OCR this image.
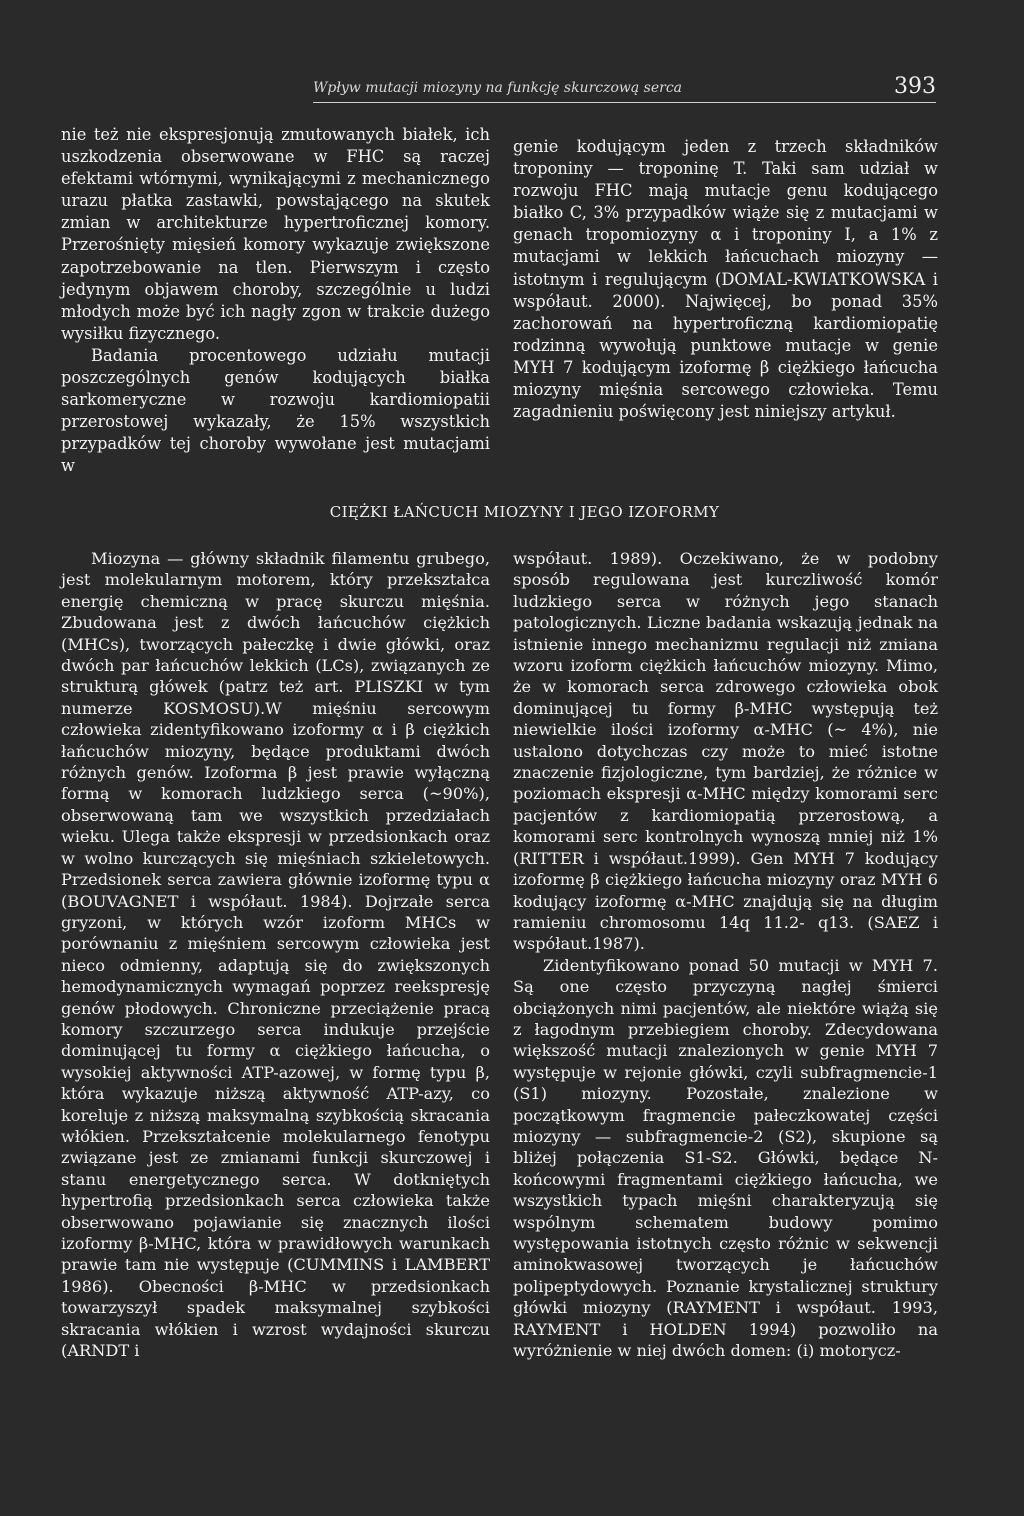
Wpływ mutacji miozyny na funkcję skurczową serca	393

nie też nie ekspresjonują zmutowanych białek, ich uszkodzenia obserwowane w FHC są raczej efektami wtórnymi, wynikającymi z mechanicznego urazu płatka zastawki, powstającego na skutek zmian w architekturze hypertroficznej komory. Przerośnięty mięsień komory wykazuje zwiększone zapotrzebowanie na tlen. Pierwszym i często jedynym objawem choroby, szczególnie u ludzi młodych może być ich nagły zgon w trakcie dużego wysiłku fizycznego.

Badania procentowego udziału mutacji poszczególnych genów kodujących białka sarkomeryczne w rozwoju kardiomiopatii przerostowej wykazały, że 15% wszystkich przypadków tej choroby wywołane jest mutacjami w

genie kodującym jeden z trzech składników troponiny — troponinę T. Taki sam udział w rozwoju FHC mają mutacje genu kodującego białko C, 3% przypadków wiąże się z mutacjami w genach tropomiozyny α i troponiny I, a 1% z mutacjami w lekkich łańcuchach miozyny — istotnym i regulującym (DOMAL-KWIATKOWSKA i współaut. 2000). Najwięcej, bo ponad 35% zachorowań na hypertroficzną kardiomiopatię rodzinną wywołują punktowe mutacje w genie MYH 7 kodującym izoformę β ciężkiego łańcucha miozyny mięśnia sercowego człowieka. Temu zagadnieniu poświęcony jest niniejszy artykuł.

CIĘŻKI ŁAŃCUCH MIOZYNY I JEGO IZOFORMY

Miozyna — główny składnik filamentu grubego, jest molekularnym motorem, który przekształca energię chemiczną w pracę skurczu mięśnia. Zbudowana jest z dwóch łańcuchów ciężkich (MHCs), tworzących pałeczkę i dwie główki, oraz dwóch par łańcuchów lekkich (LCs), związanych ze strukturą główek (patrz też art. PLISZKI w tym numerze KOSMOSU).W mięśniu sercowym człowieka zidentyfikowano izoformy α i β ciężkich łańcuchów miozyny, będące produktami dwóch różnych genów. Izoforma β jest prawie wyłączną formą w komorach ludzkiego serca (~90%), obserwowaną tam we wszystkich przedziałach wieku. Ulega także ekspresji w przedsionkach oraz w wolno kurczących się mięśniach szkieletowych. Przedsionek serca zawiera głównie izoformę typu α (BOUVAGNET i współaut. 1984). Dojrzałe serca gryzoni, w których wzór izoform MHCs w porównaniu z mięśniem sercowym człowieka jest nieco odmienny, adaptują się do zwiększonych hemodynamicznych wymagań poprzez reekspresję genów płodowych. Chroniczne przeciążenie pracą komory szczurzego serca indukuje przejście dominującej tu formy α ciężkiego łańcucha, o wysokiej aktywności ATP-azowej, w formę typu β, która wykazuje niższą aktywność ATP-azy, co koreluje z niższą maksymalną szybkością skracania włókien. Przekształcenie molekularnego fenotypu związane jest ze zmianami funkcji skurczowej i stanu energetycznego serca. W dotkniętych hypertrofią przedsionkach serca człowieka także obserwowano pojawianie się znacznych ilości izoformy β-MHC, która w prawidłowych warunkach prawie tam nie występuje (CUMMINS i LAMBERT 1986). Obecności β-MHC w przedsionkach towarzyszył spadek maksymalnej szybkości skracania włókien i wzrost wydajności skurczu (ARNDT i

współaut. 1989). Oczekiwano, że w podobny sposób regulowana jest kurczliwość komór ludzkiego serca w różnych jego stanach patologicznych. Liczne badania wskazują jednak na istnienie innego mechanizmu regulacji niż zmiana wzoru izoform ciężkich łańcuchów miozyny. Mimo, że w komorach serca zdrowego człowieka obok dominującej tu formy β-MHC występują też niewielkie ilości izoformy α-MHC (~ 4%), nie ustalono dotychczas czy może to mieć istotne znaczenie fizjologiczne, tym bardziej, że różnice w poziomach ekspresji α-MHC między komorami serc pacjentów z kardiomiopatią przerostową, a komorami serc kontrolnych wynoszą mniej niż 1% (RITTER i współaut.1999). Gen MYH 7 kodujący izoformę β ciężkiego łańcucha miozyny oraz MYH 6 kodujący izoformę α-MHC znajdują się na długim ramieniu chromosomu 14q 11.2- q13. (SAEZ i współaut.1987).

Zidentyfikowano ponad 50 mutacji w MYH 7. Są one często przyczyną nagłej śmierci obciążonych nimi pacjentów, ale niektóre wiążą się z łagodnym przebiegiem choroby. Zdecydowana większość mutacji znalezionych w genie MYH 7 występuje w rejonie główki, czyli subfragmencie-1 (S1) miozyny. Pozostałe, znalezione w początkowym fragmencie pałeczkowatej części miozyny — subfragmencie-2 (S2), skupione są bliżej połączenia S1-S2. Główki, będące N-końcowymi fragmentami ciężkiego łańcucha, we wszystkich typach mięśni charakteryzują się wspólnym schematem budowy pomimo występowania istotnych często różnic w sekwencji aminokwasowej tworzących je łańcuchów polipeptydowych. Poznanie krystalicznej struktury główki miozyny (RAYMENT i współaut. 1993, RAYMENT i HOLDEN 1994) pozwoliło na wyróżnienie w niej dwóch domen: (i) motorycz-
